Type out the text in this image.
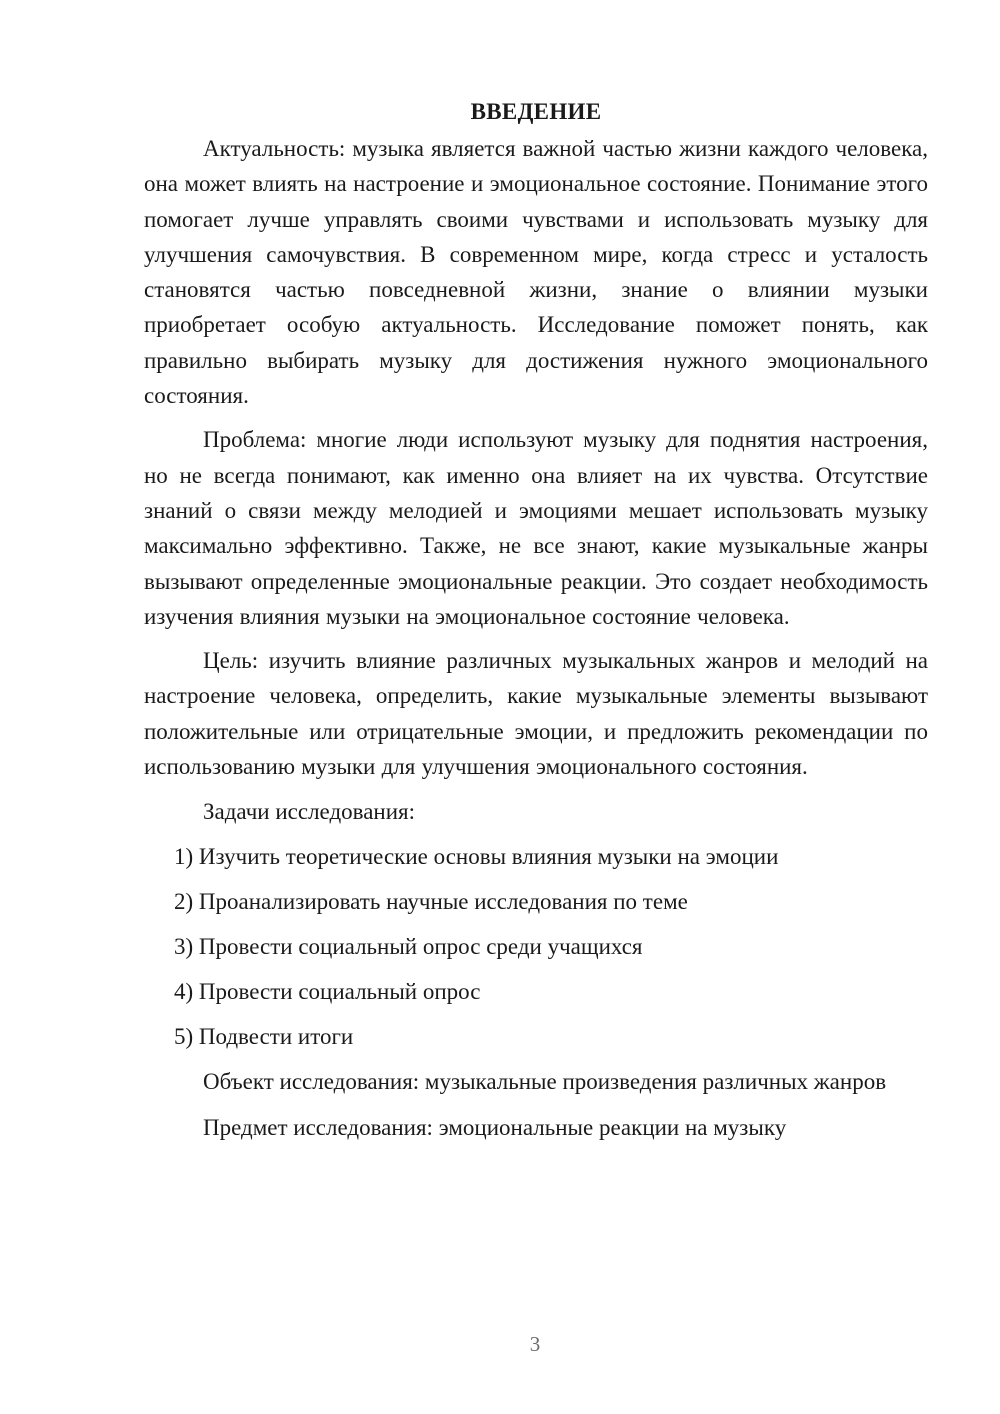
ВВЕДЕНИЕ

Актуальность: музыка является важной частью жизни каждого человека, она может влиять на настроение и эмоциональное состояние. Понимание этого помогает лучше управлять своими чувствами и использовать музыку для улучшения самочувствия. В современном мире, когда стресс и усталость становятся частью повседневной жизни, знание о влиянии музыки приобретает особую актуальность. Исследование поможет понять, как правильно выбирать музыку для достижения нужного эмоционального состояния.

Проблема: многие люди используют музыку для поднятия настроения, но не всегда понимают, как именно она влияет на их чувства. Отсутствие знаний о связи между мелодией и эмоциями мешает использовать музыку максимально эффективно. Также, не все знают, какие музыкальные жанры вызывают определенные эмоциональные реакции. Это создает необходимость изучения влияния музыки на эмоциональное состояние человека.

Цель: изучить влияние различных музыкальных жанров и мелодий на настроение человека, определить, какие музыкальные элементы вызывают положительные или отрицательные эмоции, и предложить рекомендации по использованию музыки для улучшения эмоционального состояния.

Задачи исследования:

1) Изучить теоретические основы влияния музыки на эмоции
2) Проанализировать научные исследования по теме
3) Провести социальный опрос среди учащихся
4) Провести социальный опрос
5) Подвести итоги

Объект исследования: музыкальные произведения различных жанров

Предмет исследования: эмоциональные реакции на музыку

3
